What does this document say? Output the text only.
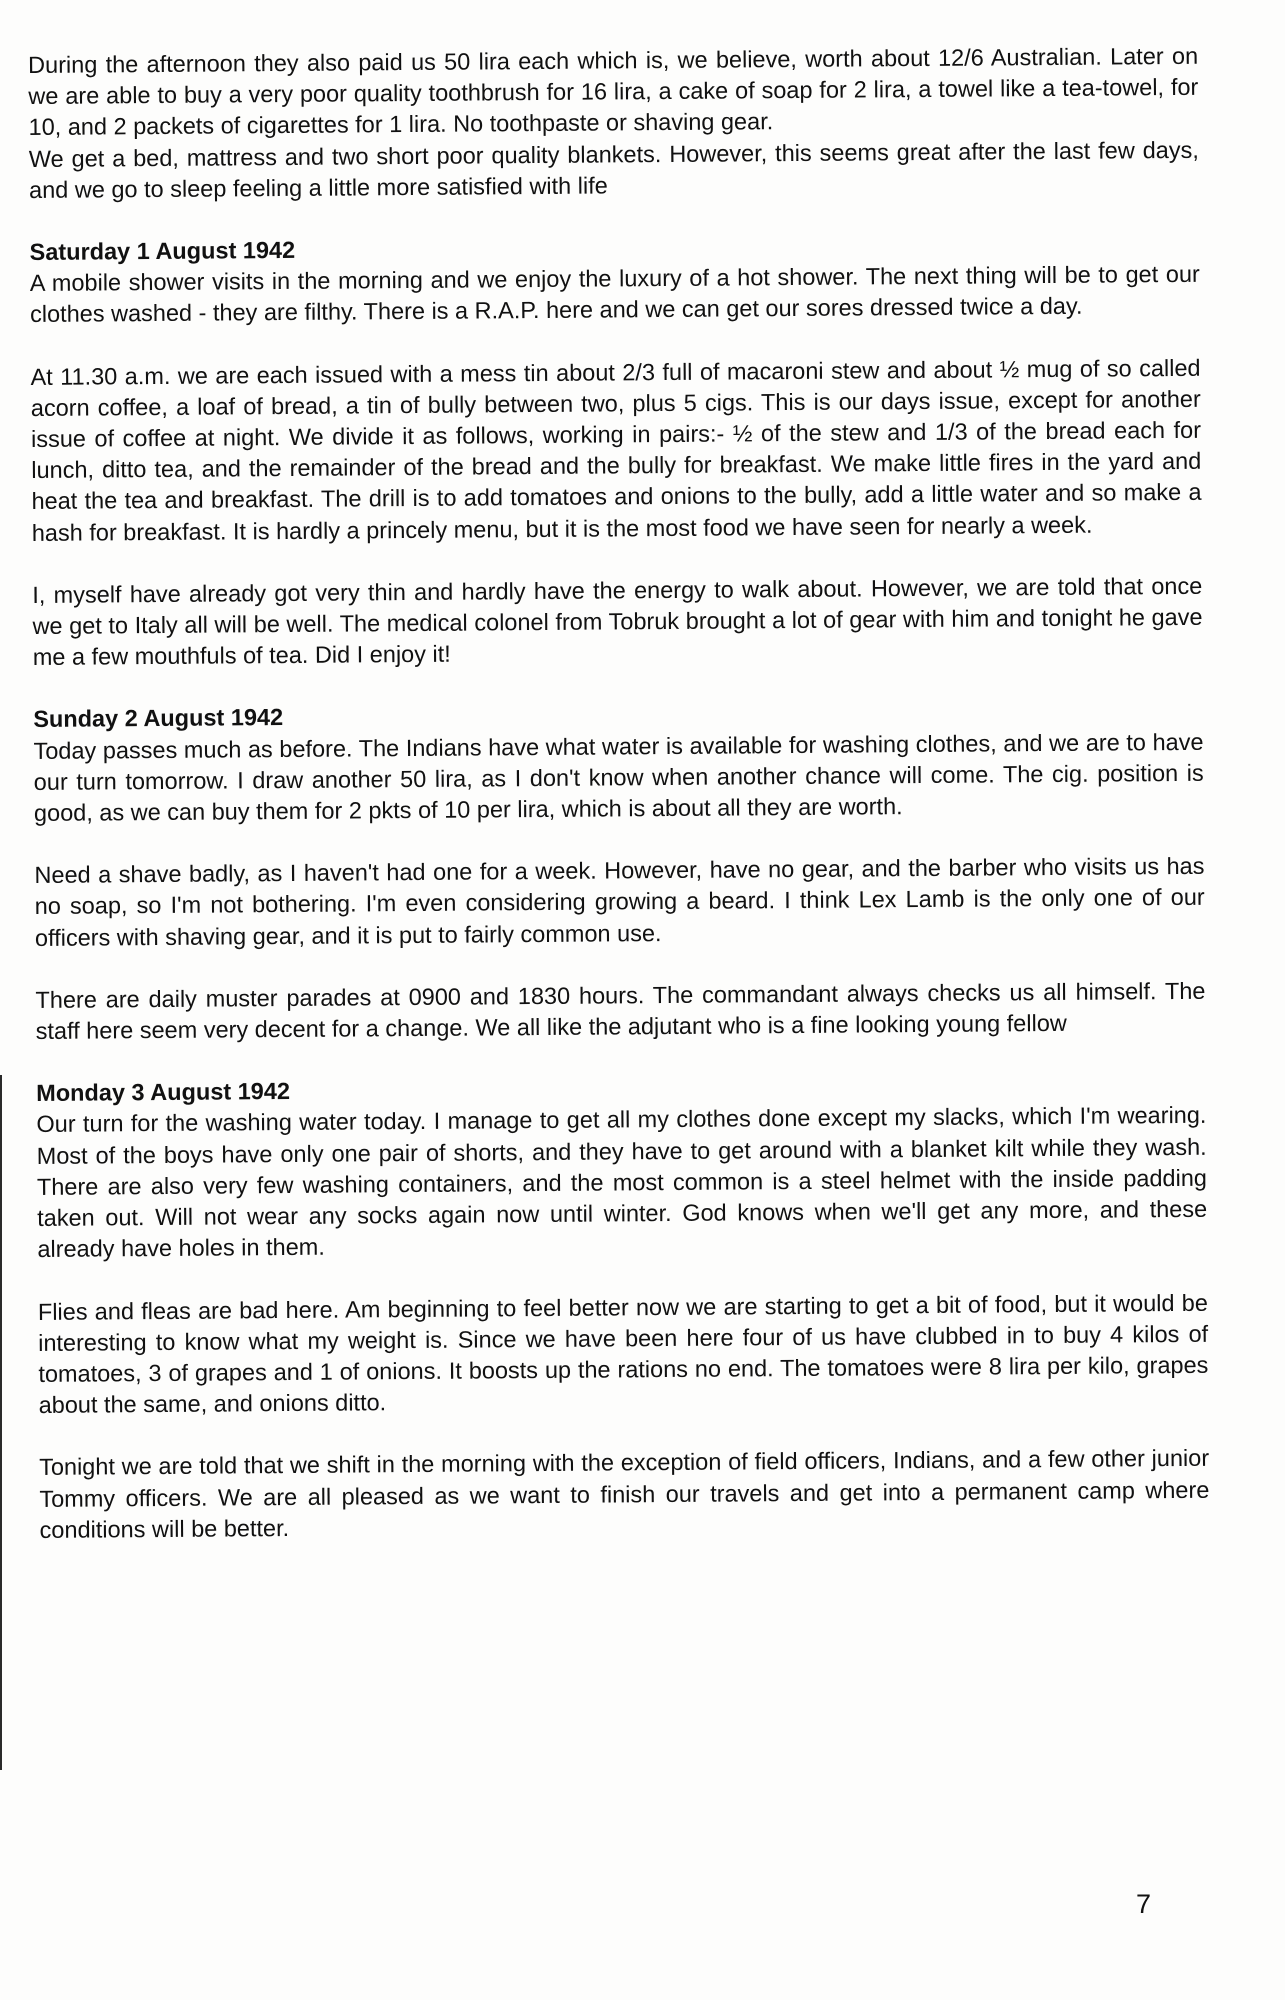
During the afternoon they also paid us 50 lira each which is, we believe, worth about 12/6 Australian. Later on we are able to buy a very poor quality toothbrush for 16 lira, a cake of soap for 2 lira, a towel like a tea-towel, for 10, and 2 packets of cigarettes for 1 lira. No toothpaste or shaving gear.

We get a bed, mattress and two short poor quality blankets. However, this seems great after the last few days, and we go to sleep feeling a little more satisfied with life

Saturday 1 August 1942

A mobile shower visits in the morning and we enjoy the luxury of a hot shower. The next thing will be to get our clothes washed - they are filthy. There is a R.A.P. here and we can get our sores dressed twice a day.

At 11.30 a.m. we are each issued with a mess tin about 2/3 full of macaroni stew and about ½ mug of so called acorn coffee, a loaf of bread, a tin of bully between two, plus 5 cigs. This is our days issue, except for another issue of coffee at night. We divide it as follows, working in pairs:- ½ of the stew and 1/3 of the bread each for lunch, ditto tea, and the remainder of the bread and the bully for breakfast. We make little fires in the yard and heat the tea and breakfast. The drill is to add tomatoes and onions to the bully, add a little water and so make a hash for breakfast. It is hardly a princely menu, but it is the most food we have seen for nearly a week.

I, myself have already got very thin and hardly have the energy to walk about. However, we are told that once we get to Italy all will be well. The medical colonel from Tobruk brought a lot of gear with him and tonight he gave me a few mouthfuls of tea. Did I enjoy it!

Sunday 2 August 1942

Today passes much as before. The Indians have what water is available for washing clothes, and we are to have our turn tomorrow. I draw another 50 lira, as I don't know when another chance will come. The cig. position is good, as we can buy them for 2 pkts of 10 per lira, which is about all they are worth.

Need a shave badly, as I haven't had one for a week. However, have no gear, and the barber who visits us has no soap, so I'm not bothering. I'm even considering growing a beard. I think Lex Lamb is the only one of our officers with shaving gear, and it is put to fairly common use.

There are daily muster parades at 0900 and 1830 hours. The commandant always checks us all himself. The staff here seem very decent for a change. We all like the adjutant who is a fine looking young fellow

Monday 3 August 1942

Our turn for the washing water today. I manage to get all my clothes done except my slacks, which I'm wearing. Most of the boys have only one pair of shorts, and they have to get around with a blanket kilt while they wash. There are also very few washing containers, and the most common is a steel helmet with the inside padding taken out. Will not wear any socks again now until winter. God knows when we'll get any more, and these already have holes in them.

Flies and fleas are bad here. Am beginning to feel better now we are starting to get a bit of food, but it would be interesting to know what my weight is. Since we have been here four of us have clubbed in to buy 4 kilos of tomatoes, 3 of grapes and 1 of onions. It boosts up the rations no end. The tomatoes were 8 lira per kilo, grapes about the same, and onions ditto.

Tonight we are told that we shift in the morning with the exception of field officers, Indians, and a few other junior Tommy officers. We are all pleased as we want to finish our travels and get into a permanent camp where conditions will be better.

7
